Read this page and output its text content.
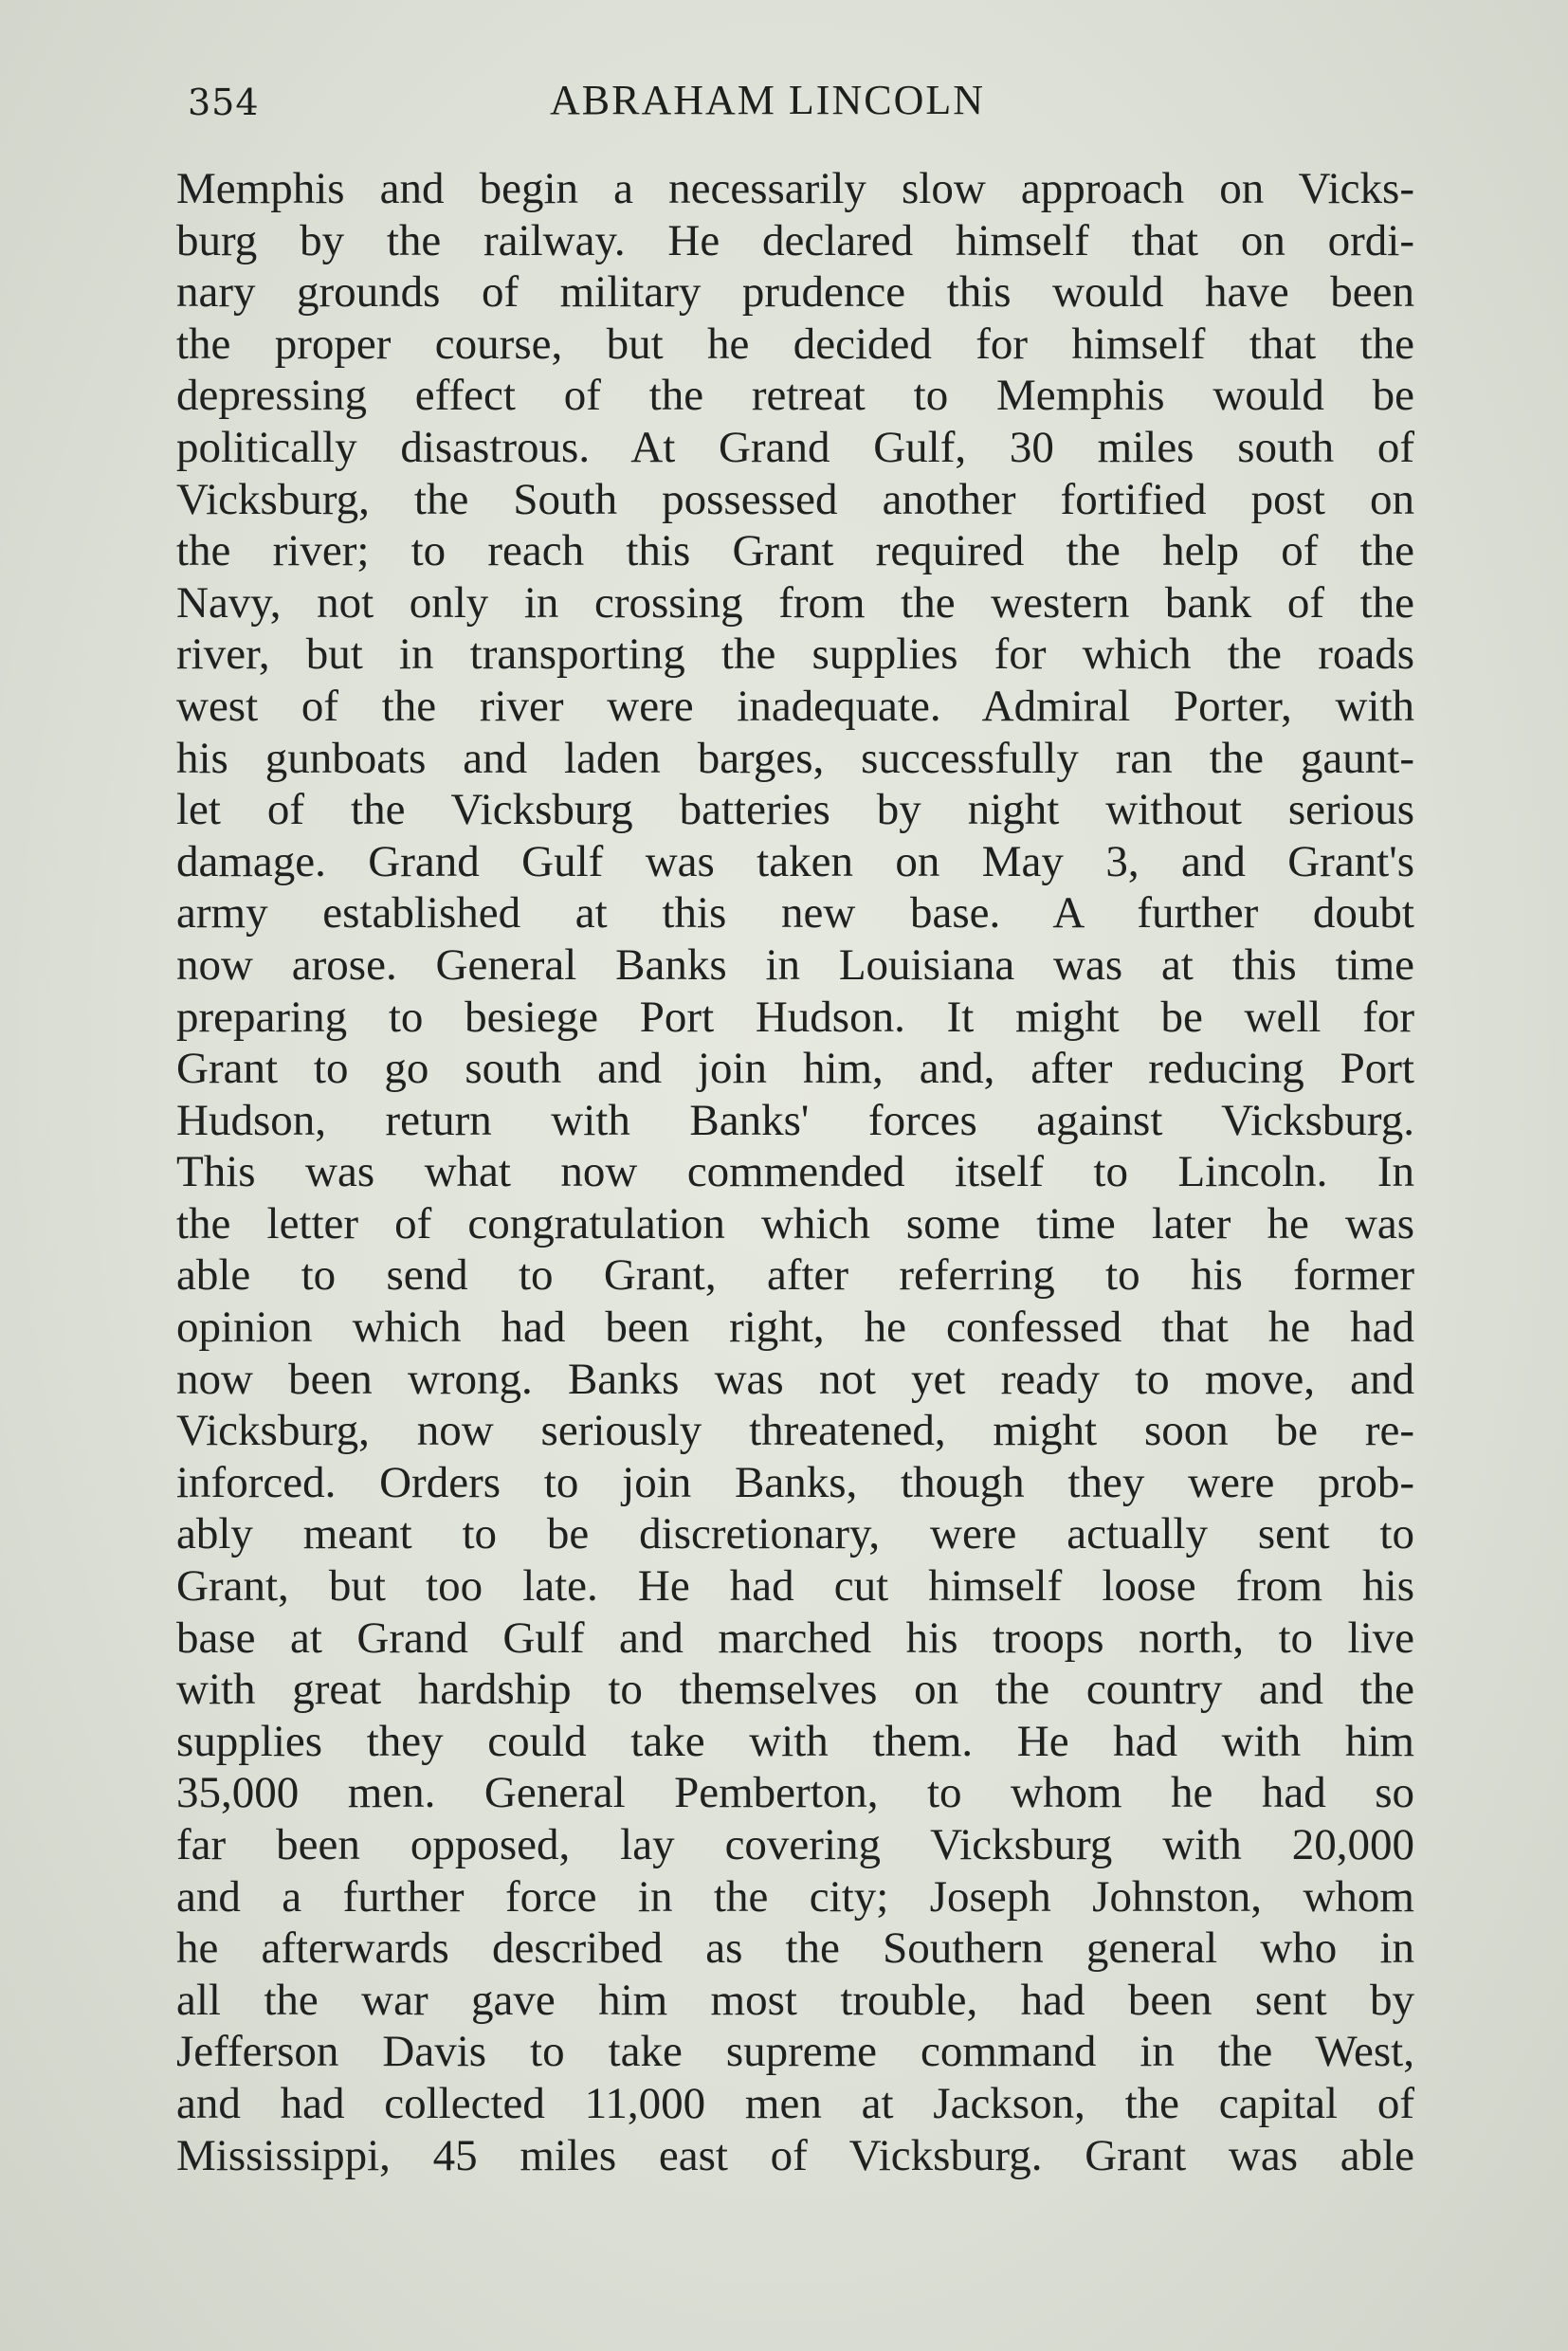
354	ABRAHAM LINCOLN
Memphis and begin a necessarily slow approach on Vicks-
burg by the railway. He declared himself that on ordi-
nary grounds of military prudence this would have been
the proper course, but he decided for himself that the
depressing effect of the retreat to Memphis would be
politically disastrous. At Grand Gulf, 30 miles south of
Vicksburg, the South possessed another fortified post on
the river; to reach this Grant required the help of the
Navy, not only in crossing from the western bank of the
river, but in transporting the supplies for which the roads
west of the river were inadequate. Admiral Porter, with
his gunboats and laden barges, successfully ran the gaunt-
let of the Vicksburg batteries by night without serious
damage. Grand Gulf was taken on May 3, and Grant's
army established at this new base. A further doubt
now arose. General Banks in Louisiana was at this time
preparing to besiege Port Hudson. It might be well for
Grant to go south and join him, and, after reducing Port
Hudson, return with Banks' forces against Vicksburg.
This was what now commended itself to Lincoln. In
the letter of congratulation which some time later he was
able to send to Grant, after referring to his former
opinion which had been right, he confessed that he had
now been wrong. Banks was not yet ready to move, and
Vicksburg, now seriously threatened, might soon be re-
inforced. Orders to join Banks, though they were prob-
ably meant to be discretionary, were actually sent to
Grant, but too late. He had cut himself loose from his
base at Grand Gulf and marched his troops north, to live
with great hardship to themselves on the country and the
supplies they could take with them. He had with him
35,000 men. General Pemberton, to whom he had so
far been opposed, lay covering Vicksburg with 20,000
and a further force in the city; Joseph Johnston, whom
he afterwards described as the Southern general who in
all the war gave him most trouble, had been sent by
Jefferson Davis to take supreme command in the West,
and had collected 11,000 men at Jackson, the capital of
Mississippi, 45 miles east of Vicksburg. Grant was able
